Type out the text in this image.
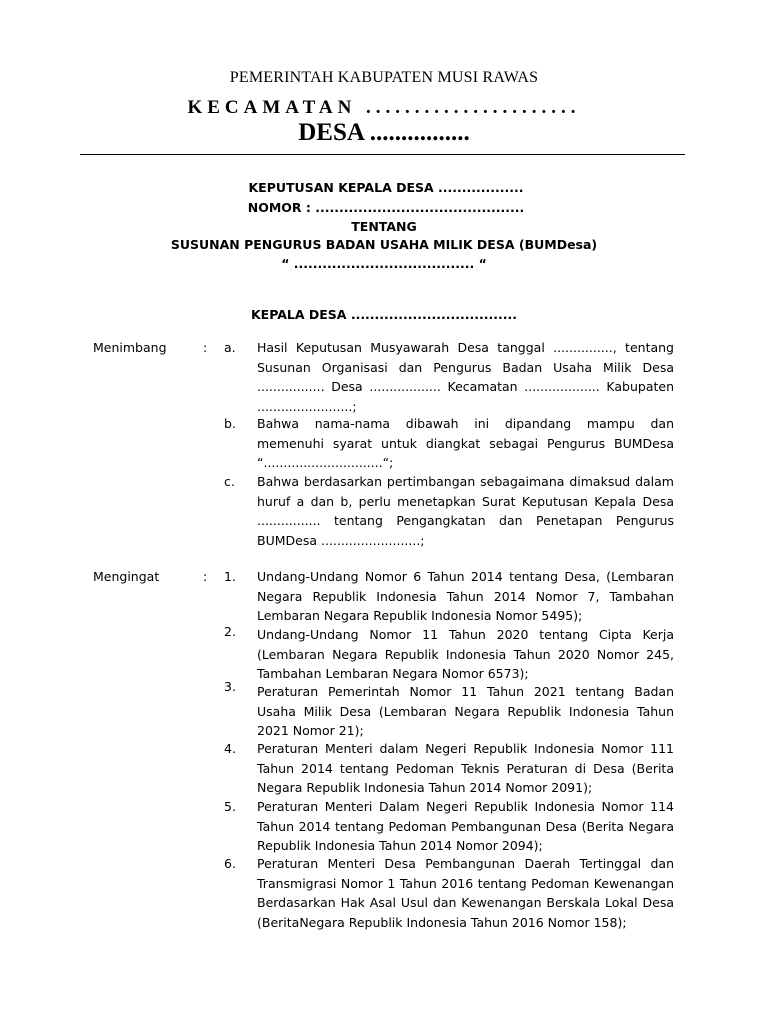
PEMERINTAH KABUPATEN MUSI RAWAS
KECAMATAN ......................
DESA ................
KEPUTUSAN KEPALA DESA ..................
NOMOR : ............................................
TENTANG
SUSUNAN PENGURUS BADAN USAHA MILIK DESA (BUMDesa)
“ ...................................... “
KEPALA DESA ...................................
Menimbang	: a. Hasil Keputusan Musyawarah Desa tanggal ..............., tentang Susunan Organisasi dan Pengurus Badan Usaha Milik Desa ................. Desa .................. Kecamatan ................... Kabupaten ........................;
b. Bahwa nama-nama dibawah ini dipandang mampu dan memenuhi syarat untuk diangkat sebagai Pengurus BUMDesa “..............................“;
c. Bahwa berdasarkan pertimbangan sebagaimana dimaksud dalam huruf a dan b, perlu menetapkan Surat Keputusan Kepala Desa ................ tentang Pengangkatan dan Penetapan Pengurus BUMDesa .........................;
Mengingat	: 1. Undang-Undang Nomor 6 Tahun 2014 tentang Desa, (Lembaran Negara Republik Indonesia Tahun 2014 Nomor 7, Tambahan Lembaran Negara Republik Indonesia Nomor 5495);
2. Undang-Undang Nomor 11 Tahun 2020 tentang Cipta Kerja (Lembaran Negara Republik Indonesia Tahun 2020 Nomor 245, Tambahan Lembaran Negara Nomor 6573);
3. Peraturan Pemerintah Nomor 11 Tahun 2021 tentang Badan Usaha Milik Desa (Lembaran Negara Republik Indonesia Tahun 2021 Nomor 21);
4. Peraturan Menteri dalam Negeri Republik Indonesia Nomor 111 Tahun 2014 tentang Pedoman Teknis Peraturan di Desa (Berita Negara Republik Indonesia Tahun 2014 Nomor 2091);
5. Peraturan Menteri Dalam Negeri Republik Indonesia Nomor 114 Tahun 2014 tentang Pedoman Pembangunan Desa (Berita Negara Republik Indonesia Tahun 2014 Nomor 2094);
6. Peraturan Menteri Desa Pembangunan Daerah Tertinggal dan Transmigrasi Nomor 1 Tahun 2016 tentang Pedoman Kewenangan Berdasarkan Hak Asal Usul dan Kewenangan Berskala Lokal Desa (BeritaNegara Republik Indonesia Tahun 2016 Nomor 158);
